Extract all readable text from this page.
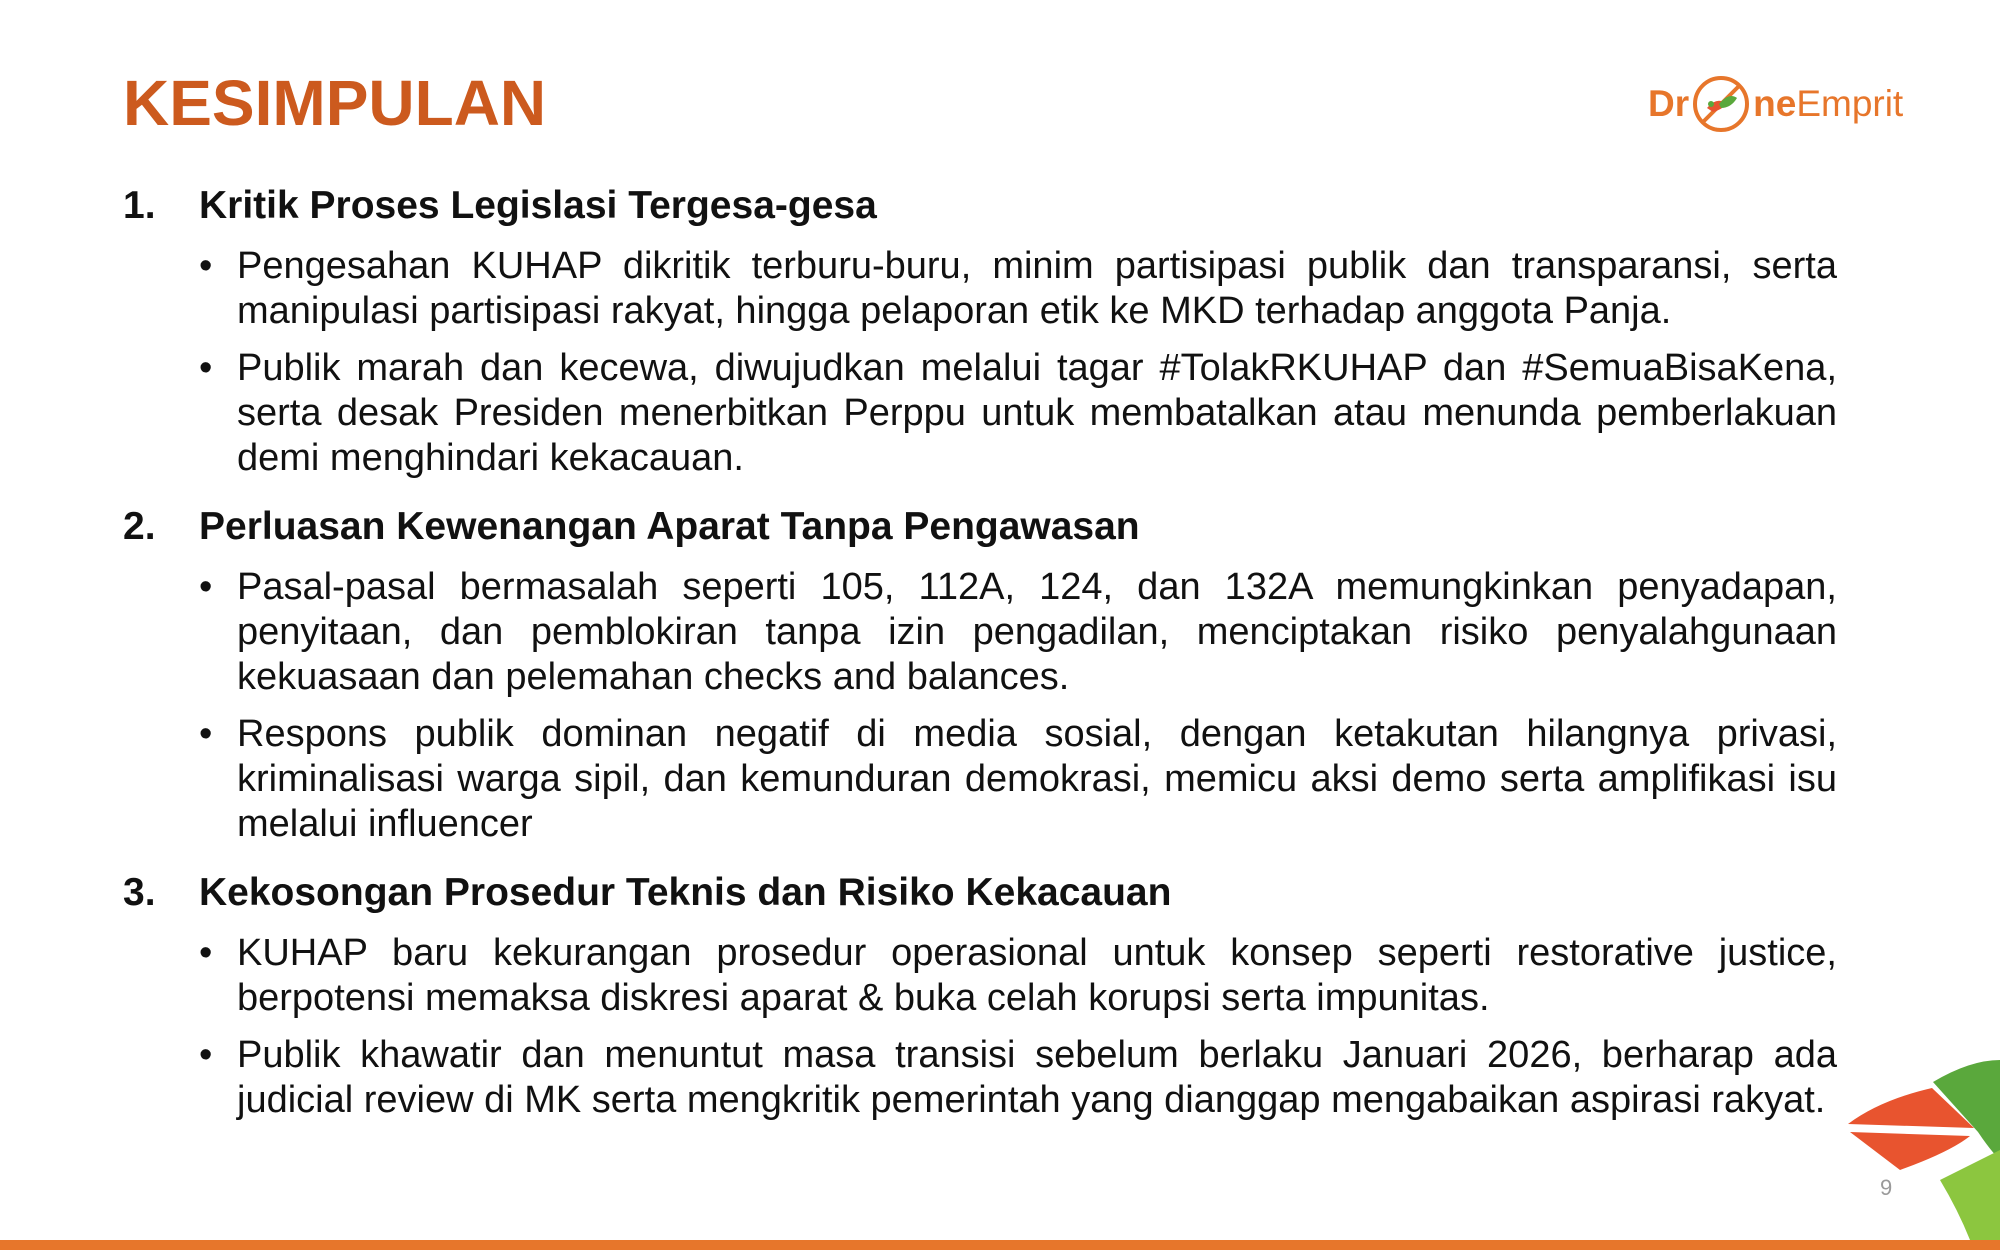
KESIMPULAN	Dr ne Emprit
1.	Kritik Proses Legislasi Tergesa-gesa
• Pengesahan KUHAP dikritik terburu-buru, minim partisipasi publik dan transparansi, serta manipulasi partisipasi rakyat, hingga pelaporan etik ke MKD terhadap anggota Panja.
• Publik marah dan kecewa, diwujudkan melalui tagar #TolakRKUHAP dan #SemuaBisaKena, serta desak Presiden menerbitkan Perppu untuk membatalkan atau menunda pemberlakuan demi menghindari kekacauan.
2.	Perluasan Kewenangan Aparat Tanpa Pengawasan
• Pasal-pasal bermasalah seperti 105, 112A, 124, dan 132A memungkinkan penyadapan, penyitaan, dan pemblokiran tanpa izin pengadilan, menciptakan risiko penyalahgunaan kekuasaan dan pelemahan checks and balances.
• Respons publik dominan negatif di media sosial, dengan ketakutan hilangnya privasi, kriminalisasi warga sipil, dan kemunduran demokrasi, memicu aksi demo serta amplifikasi isu melalui influencer
3.	Kekosongan Prosedur Teknis dan Risiko Kekacauan
• KUHAP baru kekurangan prosedur operasional untuk konsep seperti restorative justice, berpotensi memaksa diskresi aparat & buka celah korupsi serta impunitas.
• Publik khawatir dan menuntut masa transisi sebelum berlaku Januari 2026, berharap ada judicial review di MK serta mengkritik pemerintah yang dianggap mengabaikan aspirasi rakyat.
9
